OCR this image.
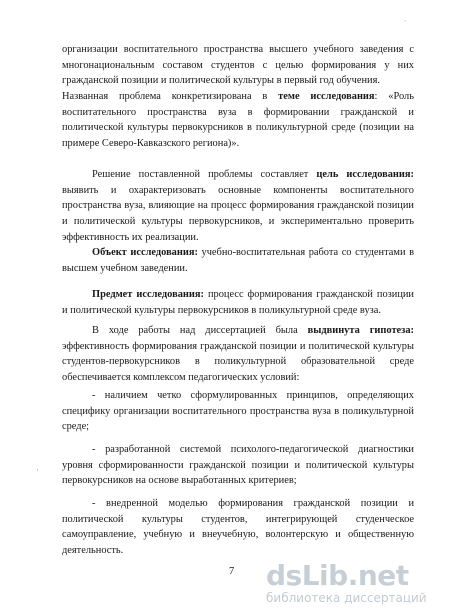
·
'

организации воспитательного пространства высшего учебного заведения с многонациональным составом студентов с целью формирования у них гражданской позиции и политической культуры в первый год обучения.

Названная проблема конкретизирована в теме исследования: «Роль воспитательного пространства вуза в формировании гражданской и политической культуры первокурсников в поликультурной среде (позиции на примере Северо-Кавказского региона)».

Решение поставленной проблемы составляет цель исследования: выявить и охарактеризовать основные компоненты воспитательного пространства вуза, влияющие на процесс формирования гражданской позиции и политической культуры первокурсников, и экспериментально проверить эффективность их реализации.

Объект исследования: учебно-воспитательная работа со студентами в высшем учебном заведении.

Предмет исследования: процесс формирования гражданской позиции и политической культуры первокурсников в поликультурной среде вуза.

В ходе работы над диссертацией была выдвинута гипотеза: эффективность формирования гражданской позиции и политической культуры студентов-первокурсников в поликультурной образовательной среде обеспечивается комплексом педагогических условий:

- наличием четко сформулированных принципов, определяющих специфику организации воспитательного пространства вуза в поликультурной среде;

- разработанной системой психолого-педагогической диагностики уровня сформированности гражданской позиции и политической культуры первокурсников на основе выработанных критериев;

- внедренной моделью формирования гражданской позиции и политической культуры студентов, интегрирующей студенческое самоуправление, учебную и внеучебную, волонтерскую и общественную деятельность.

7 dsLib.net
библиотека диссертаций
